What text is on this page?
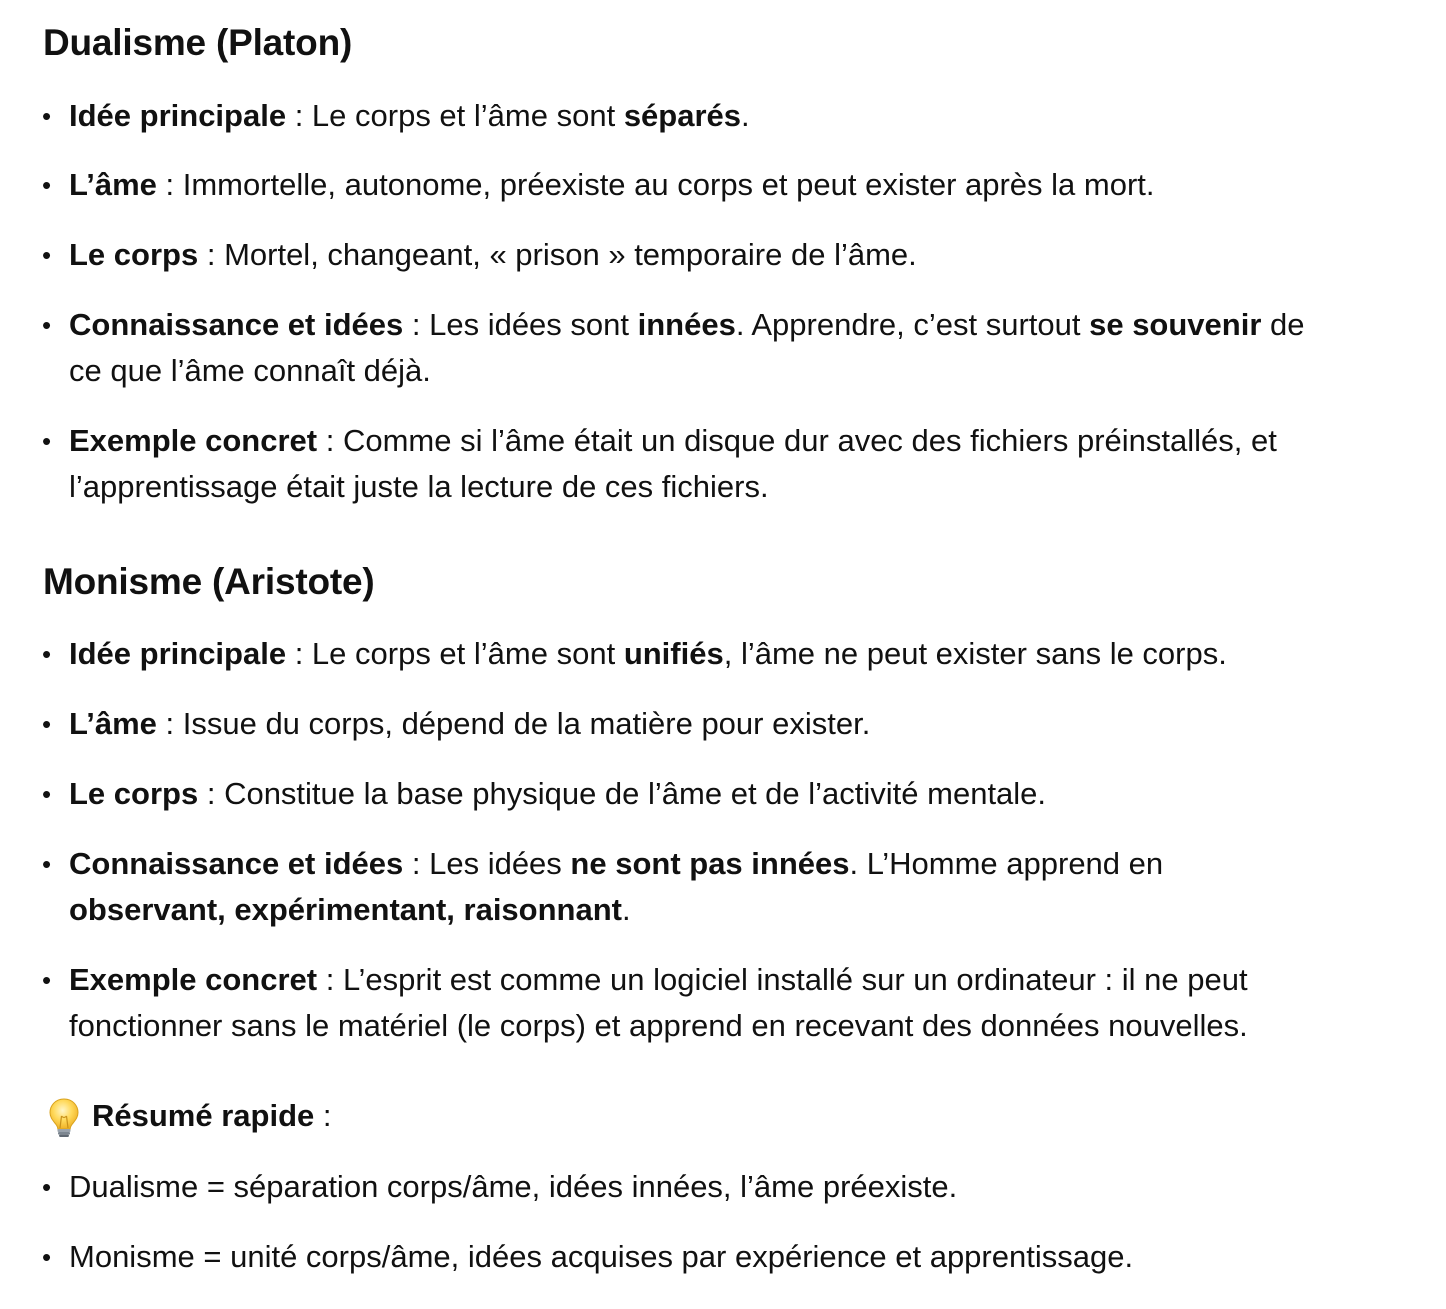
Dualisme (Platon)
• Idée principale : Le corps et l’âme sont séparés.
• L’âme : Immortelle, autonome, préexiste au corps et peut exister après la mort.
• Le corps : Mortel, changeant, « prison » temporaire de l’âme.
• Connaissance et idées : Les idées sont innées. Apprendre, c’est surtout se souvenir de
ce que l’âme connaît déjà.
• Exemple concret : Comme si l’âme était un disque dur avec des fichiers préinstallés, et
l’apprentissage était juste la lecture de ces fichiers.
Monisme (Aristote)
• Idée principale : Le corps et l’âme sont unifiés, l’âme ne peut exister sans le corps.
• L’âme : Issue du corps, dépend de la matière pour exister.
• Le corps : Constitue la base physique de l’âme et de l’activité mentale.
• Connaissance et idées : Les idées ne sont pas innées. L’Homme apprend en
observant, expérimentant, raisonnant.
• Exemple concret : L’esprit est comme un logiciel installé sur un ordinateur : il ne peut
fonctionner sans le matériel (le corps) et apprend en recevant des données nouvelles.
Résumé rapide :
• Dualisme = séparation corps/âme, idées innées, l’âme préexiste.
• Monisme = unité corps/âme, idées acquises par expérience et apprentissage.
